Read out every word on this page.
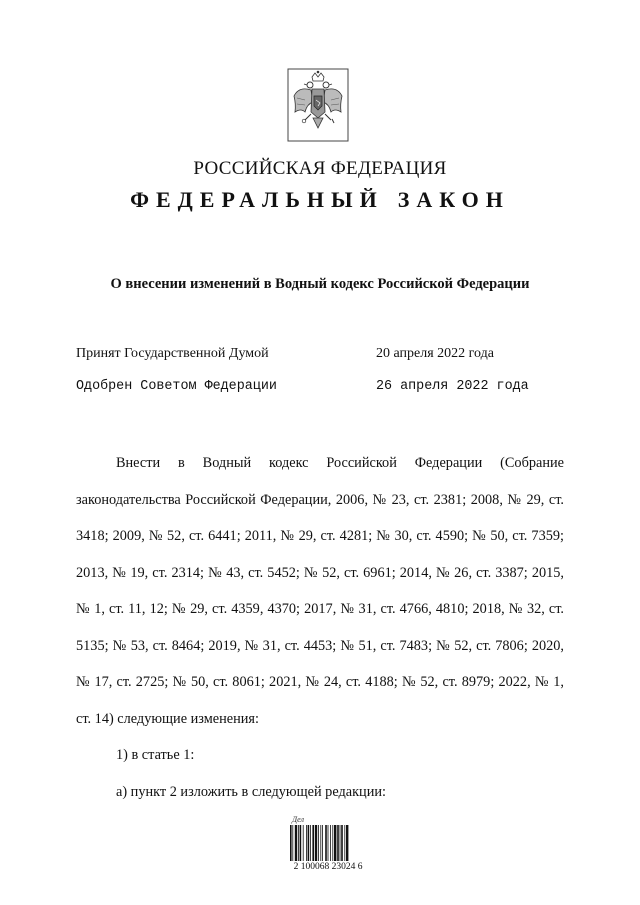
РОССИЙСКАЯ ФЕДЕРАЦИЯ
ФЕДЕРАЛЬНЫЙ ЗАКОН
О внесении изменений в Водный кодекс Российской Федерации
Принят Государственной Думой	20 апреля 2022 года
Одобрен Советом Федерации	26 апреля 2022 года

Внести в Водный кодекс Российской Федерации (Собрание законодательства Российской Федерации, 2006, № 23, ст. 2381; 2008, № 29, ст. 3418; 2009, № 52, ст. 6441; 2011, № 29, ст. 4281; № 30, ст. 4590; № 50, ст. 7359; 2013, № 19, ст. 2314; № 43, ст. 5452; № 52, ст. 6961; 2014, № 26, ст. 3387; 2015, № 1, ст. 11, 12; № 29, ст. 4359, 4370; 2017, № 31, ст. 4766, 4810; 2018, № 32, ст. 5135; № 53, ст. 8464; 2019, № 31, ст. 4453; № 51, ст. 7483; № 52, ст. 7806; 2020, № 17, ст. 2725; № 50, ст. 8061; 2021, № 24, ст. 4188; № 52, ст. 8979; 2022, № 1, ст. 14) следующие изменения:

1) в статье 1:

а) пункт 2 изложить в следующей редакции:

Дел
2 100068 23024 6
